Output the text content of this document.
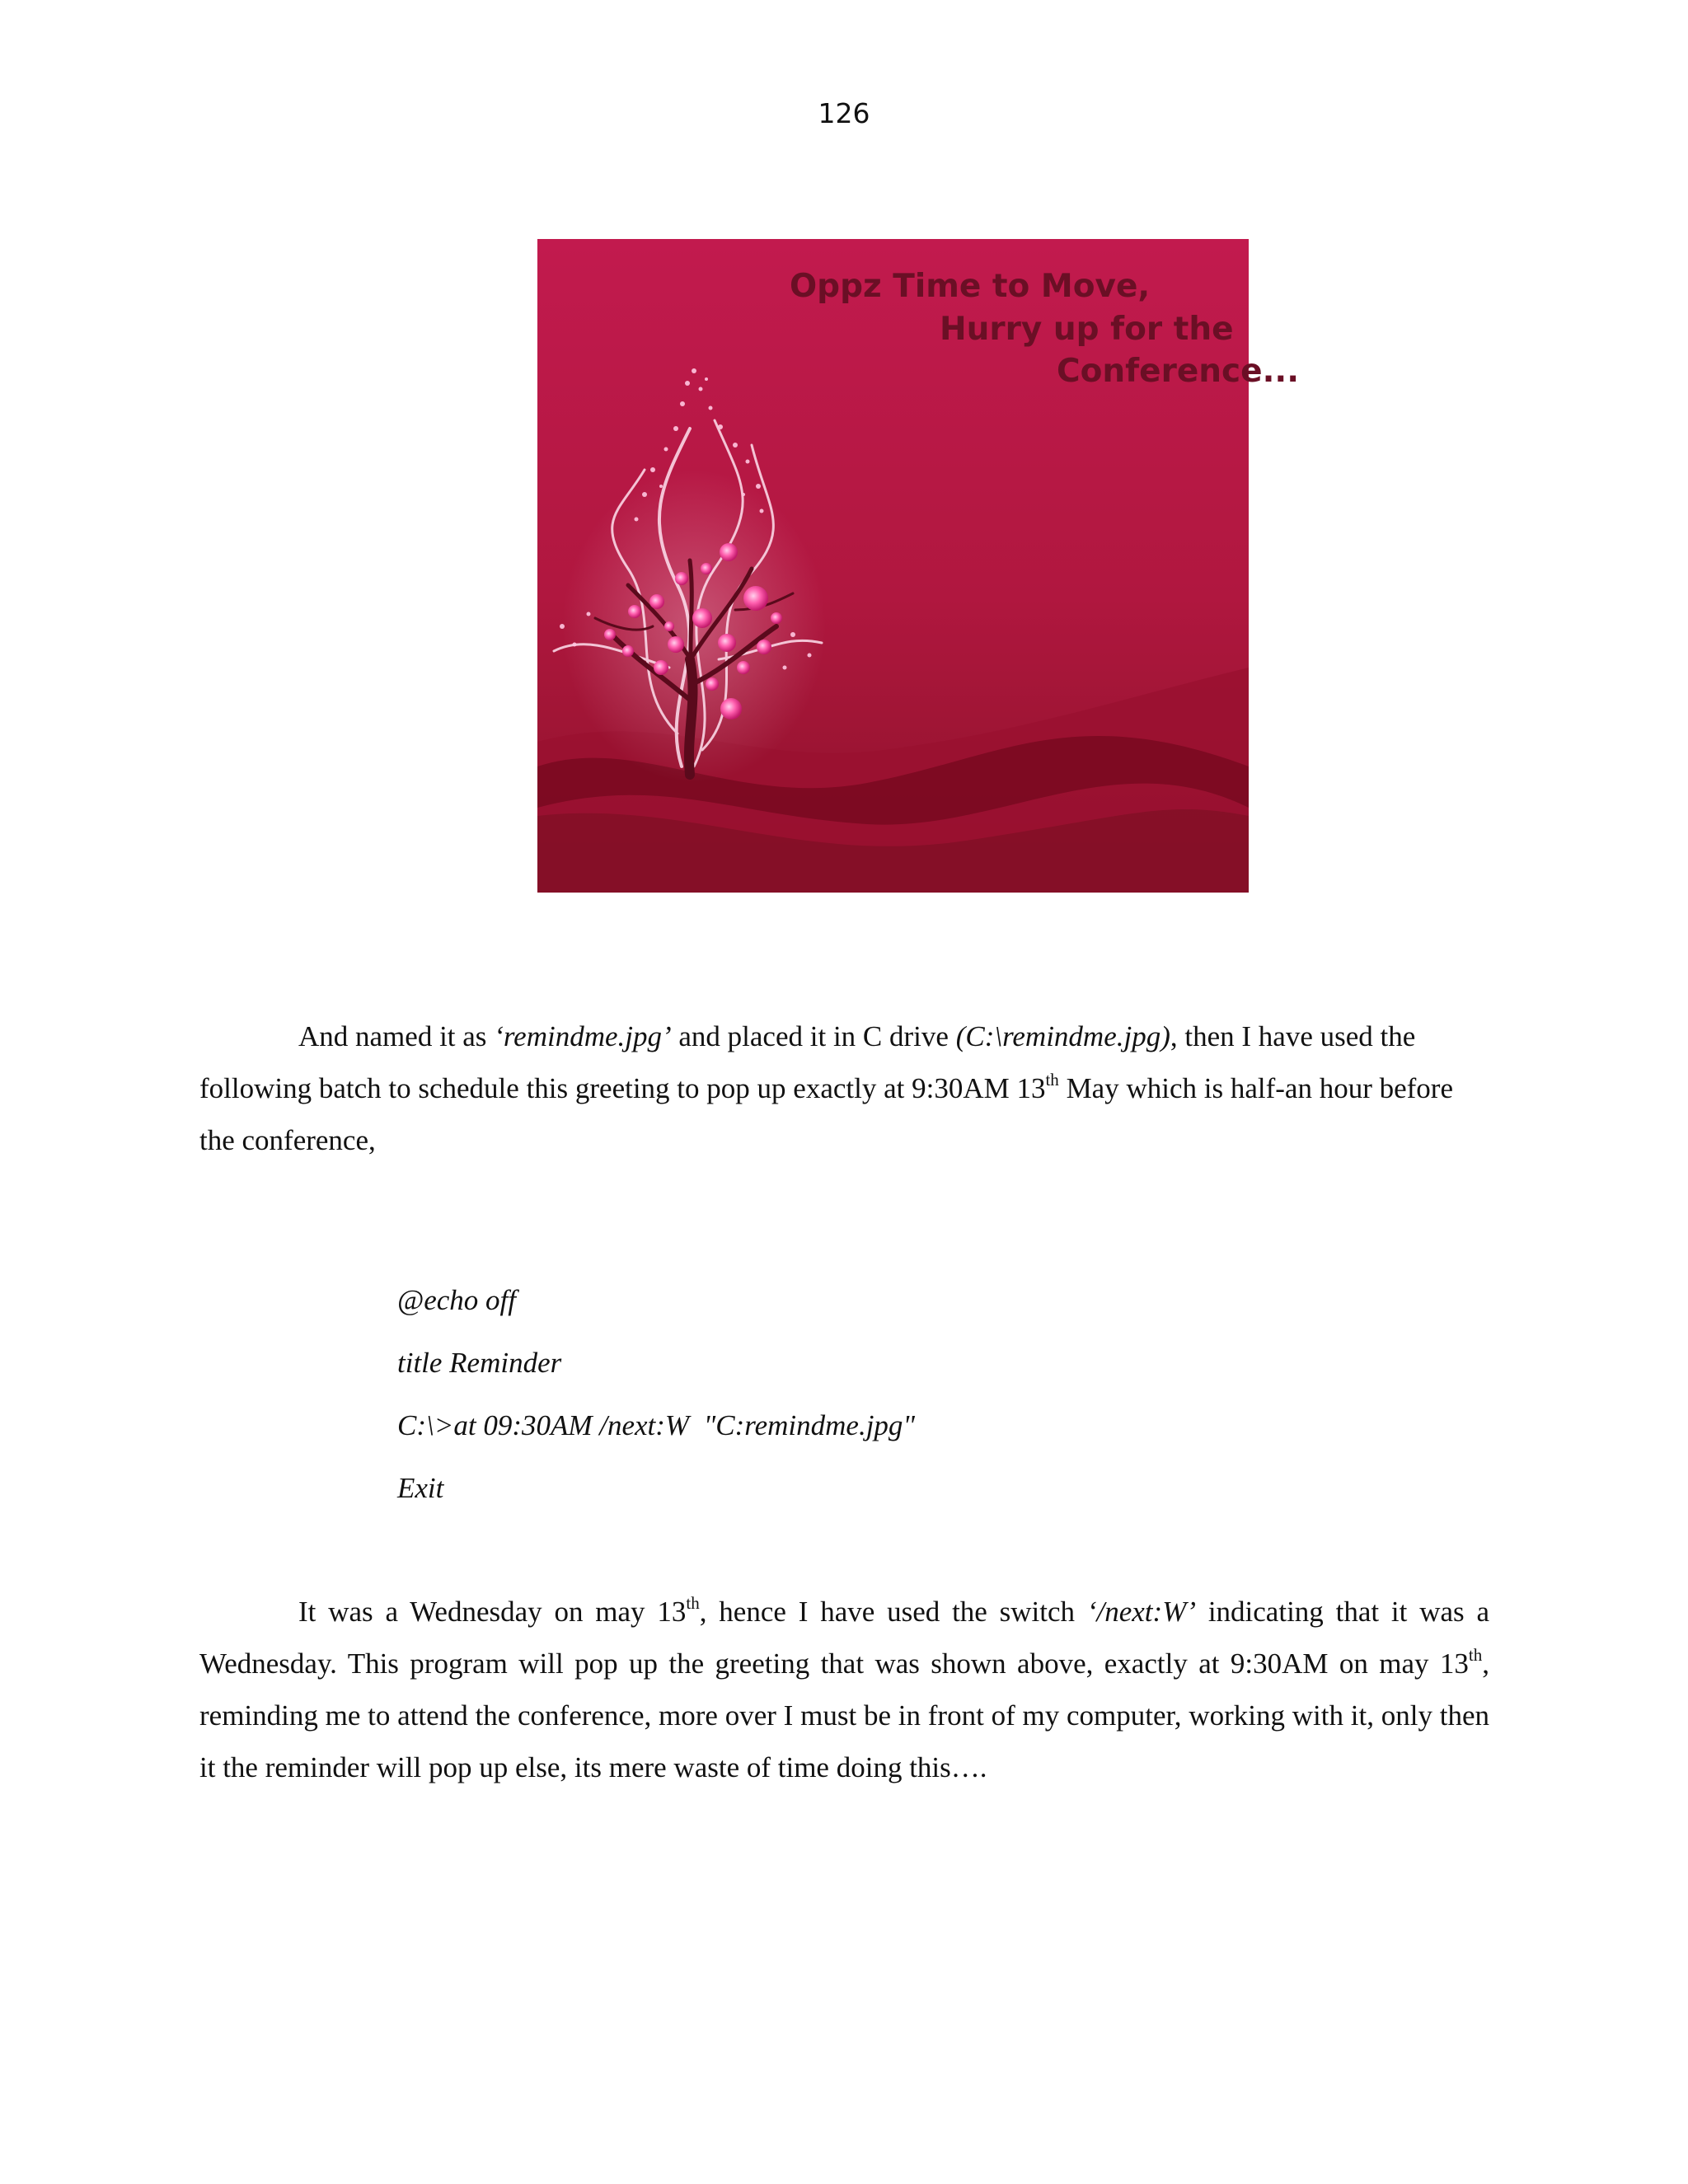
126
Oppz Time to Move,
Hurry up for the
Conference...

And named it as ‘remindme.jpg’ and placed it in C drive (C:\remindme.jpg), then I have used the following batch to schedule this greeting to pop up exactly at 9:30AM 13th May which is half-an hour before the conference,

@echo off
title Reminder
C:\>at 09:30AM /next:W  "C:remindme.jpg"
Exit

It was a Wednesday on may 13th, hence I have used the switch ‘/next:W’ indicating that it was a Wednesday. This program will pop up the greeting that was shown above, exactly at 9:30AM on may 13th, reminding me to attend the conference, more over I must be in front of my computer, working with it, only then it the reminder will pop up else, its mere waste of time doing this….
